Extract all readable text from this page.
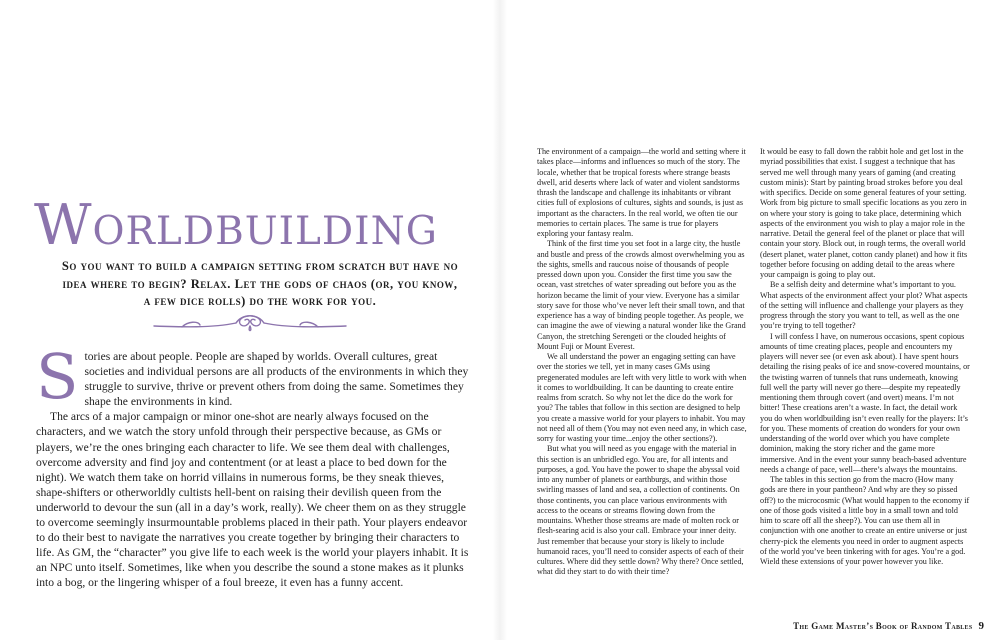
Worldbuilding

So you want to build a campaign setting from scratch but have no idea where to begin? Relax. Let the gods of chaos (or, you know, a few dice rolls) do the work for you.

Stories are about people. People are shaped by worlds. Overall cultures, great societies and individual persons are all products of the environments in which they struggle to survive, thrive or prevent others from doing the same. Sometimes they shape the environments in kind.

The arcs of a major campaign or minor one-shot are nearly always focused on the characters, and we watch the story unfold through their perspective because, as GMs or players, we’re the ones bringing each character to life. We see them deal with challenges, overcome adversity and find joy and contentment (or at least a place to bed down for the night). We watch them take on horrid villains in numerous forms, be they sneak thieves, shape-shifters or otherworldly cultists hell-bent on raising their devilish queen from the underworld to devour the sun (all in a day’s work, really). We cheer them on as they struggle to overcome seemingly insurmountable problems placed in their path. Your players endeavor to do their best to navigate the narratives you create together by bringing their characters to life. As GM, the “character” you give life to each week is the world your players inhabit. It is an NPC unto itself. Sometimes, like when you describe the sound a stone makes as it plunks into a bog, or the lingering whisper of a foul breeze, it even has a funny accent.

The environment of a campaign—the world and setting where it takes place—informs and influences so much of the story. The locale, whether that be tropical forests where strange beasts dwell, arid deserts where lack of water and violent sandstorms thrash the landscape and challenge its inhabitants or vibrant cities full of explosions of cultures, sights and sounds, is just as important as the characters. In the real world, we often tie our memories to certain places. The same is true for players exploring your fantasy realm.

Think of the first time you set foot in a large city, the hustle and bustle and press of the crowds almost overwhelming you as the sights, smells and raucous noise of thousands of people pressed down upon you. Consider the first time you saw the ocean, vast stretches of water spreading out before you as the horizon became the limit of your view. Everyone has a similar story save for those who’ve never left their small town, and that experience has a way of binding people together. As people, we can imagine the awe of viewing a natural wonder like the Grand Canyon, the stretching Serengeti or the clouded heights of Mount Fuji or Mount Everest.

We all understand the power an engaging setting can have over the stories we tell, yet in many cases GMs using pregenerated modules are left with very little to work with when it comes to worldbuilding. It can be daunting to create entire realms from scratch. So why not let the dice do the work for you? The tables that follow in this section are designed to help you create a massive world for your players to inhabit. You may not need all of them (You may not even need any, in which case, sorry for wasting your time...enjoy the other sections?).

But what you will need as you engage with the material in this section is an unbridled ego. You are, for all intents and purposes, a god. You have the power to shape the abyssal void into any number of planets or earthburgs, and within those swirling masses of land and sea, a collection of continents. On those continents, you can place various environments with access to the oceans or streams flowing down from the mountains. Whether those streams are made of molten rock or flesh-searing acid is also your call. Embrace your inner deity. Just remember that because your story is likely to include humanoid races, you’ll need to consider aspects of each of their cultures. Where did they settle down? Why there? Once settled, what did they start to do with their time?

It would be easy to fall down the rabbit hole and get lost in the myriad possibilities that exist. I suggest a technique that has served me well through many years of gaming (and creating custom minis): Start by painting broad strokes before you deal with specifics. Decide on some general features of your setting. Work from big picture to small specific locations as you zero in on where your story is going to take place, determining which aspects of the environment you wish to play a major role in the narrative. Detail the general feel of the planet or place that will contain your story. Block out, in rough terms, the overall world (desert planet, water planet, cotton candy planet) and how it fits together before focusing on adding detail to the areas where your campaign is going to play out.

Be a selfish deity and determine what’s important to you. What aspects of the environment affect your plot? What aspects of the setting will influence and challenge your players as they progress through the story you want to tell, as well as the one you’re trying to tell together?

I will confess I have, on numerous occasions, spent copious amounts of time creating places, people and encounters my players will never see (or even ask about). I have spent hours detailing the rising peaks of ice and snow-covered mountains, or the twisting warren of tunnels that runs underneath, knowing full well the party will never go there—despite my repeatedly mentioning them through covert (and overt) means. I’m not bitter! These creations aren’t a waste. In fact, the detail work you do when worldbuilding isn’t even really for the players: It’s for you. These moments of creation do wonders for your own understanding of the world over which you have complete dominion, making the story richer and the game more immersive. And in the event your sunny beach-based adventure needs a change of pace, well—there’s always the mountains.

The tables in this section go from the macro (How many gods are there in your pantheon? And why are they so pissed off?) to the microcosmic (What would happen to the economy if one of those gods visited a little boy in a small town and told him to scare off all the sheep?). You can use them all in conjunction with one another to create an entire universe or just cherry-pick the elements you need in order to augment aspects of the world you’ve been tinkering with for ages. You’re a god. Wield these extensions of your power however you like.

The Game Master’s Book of Random Tables 9
